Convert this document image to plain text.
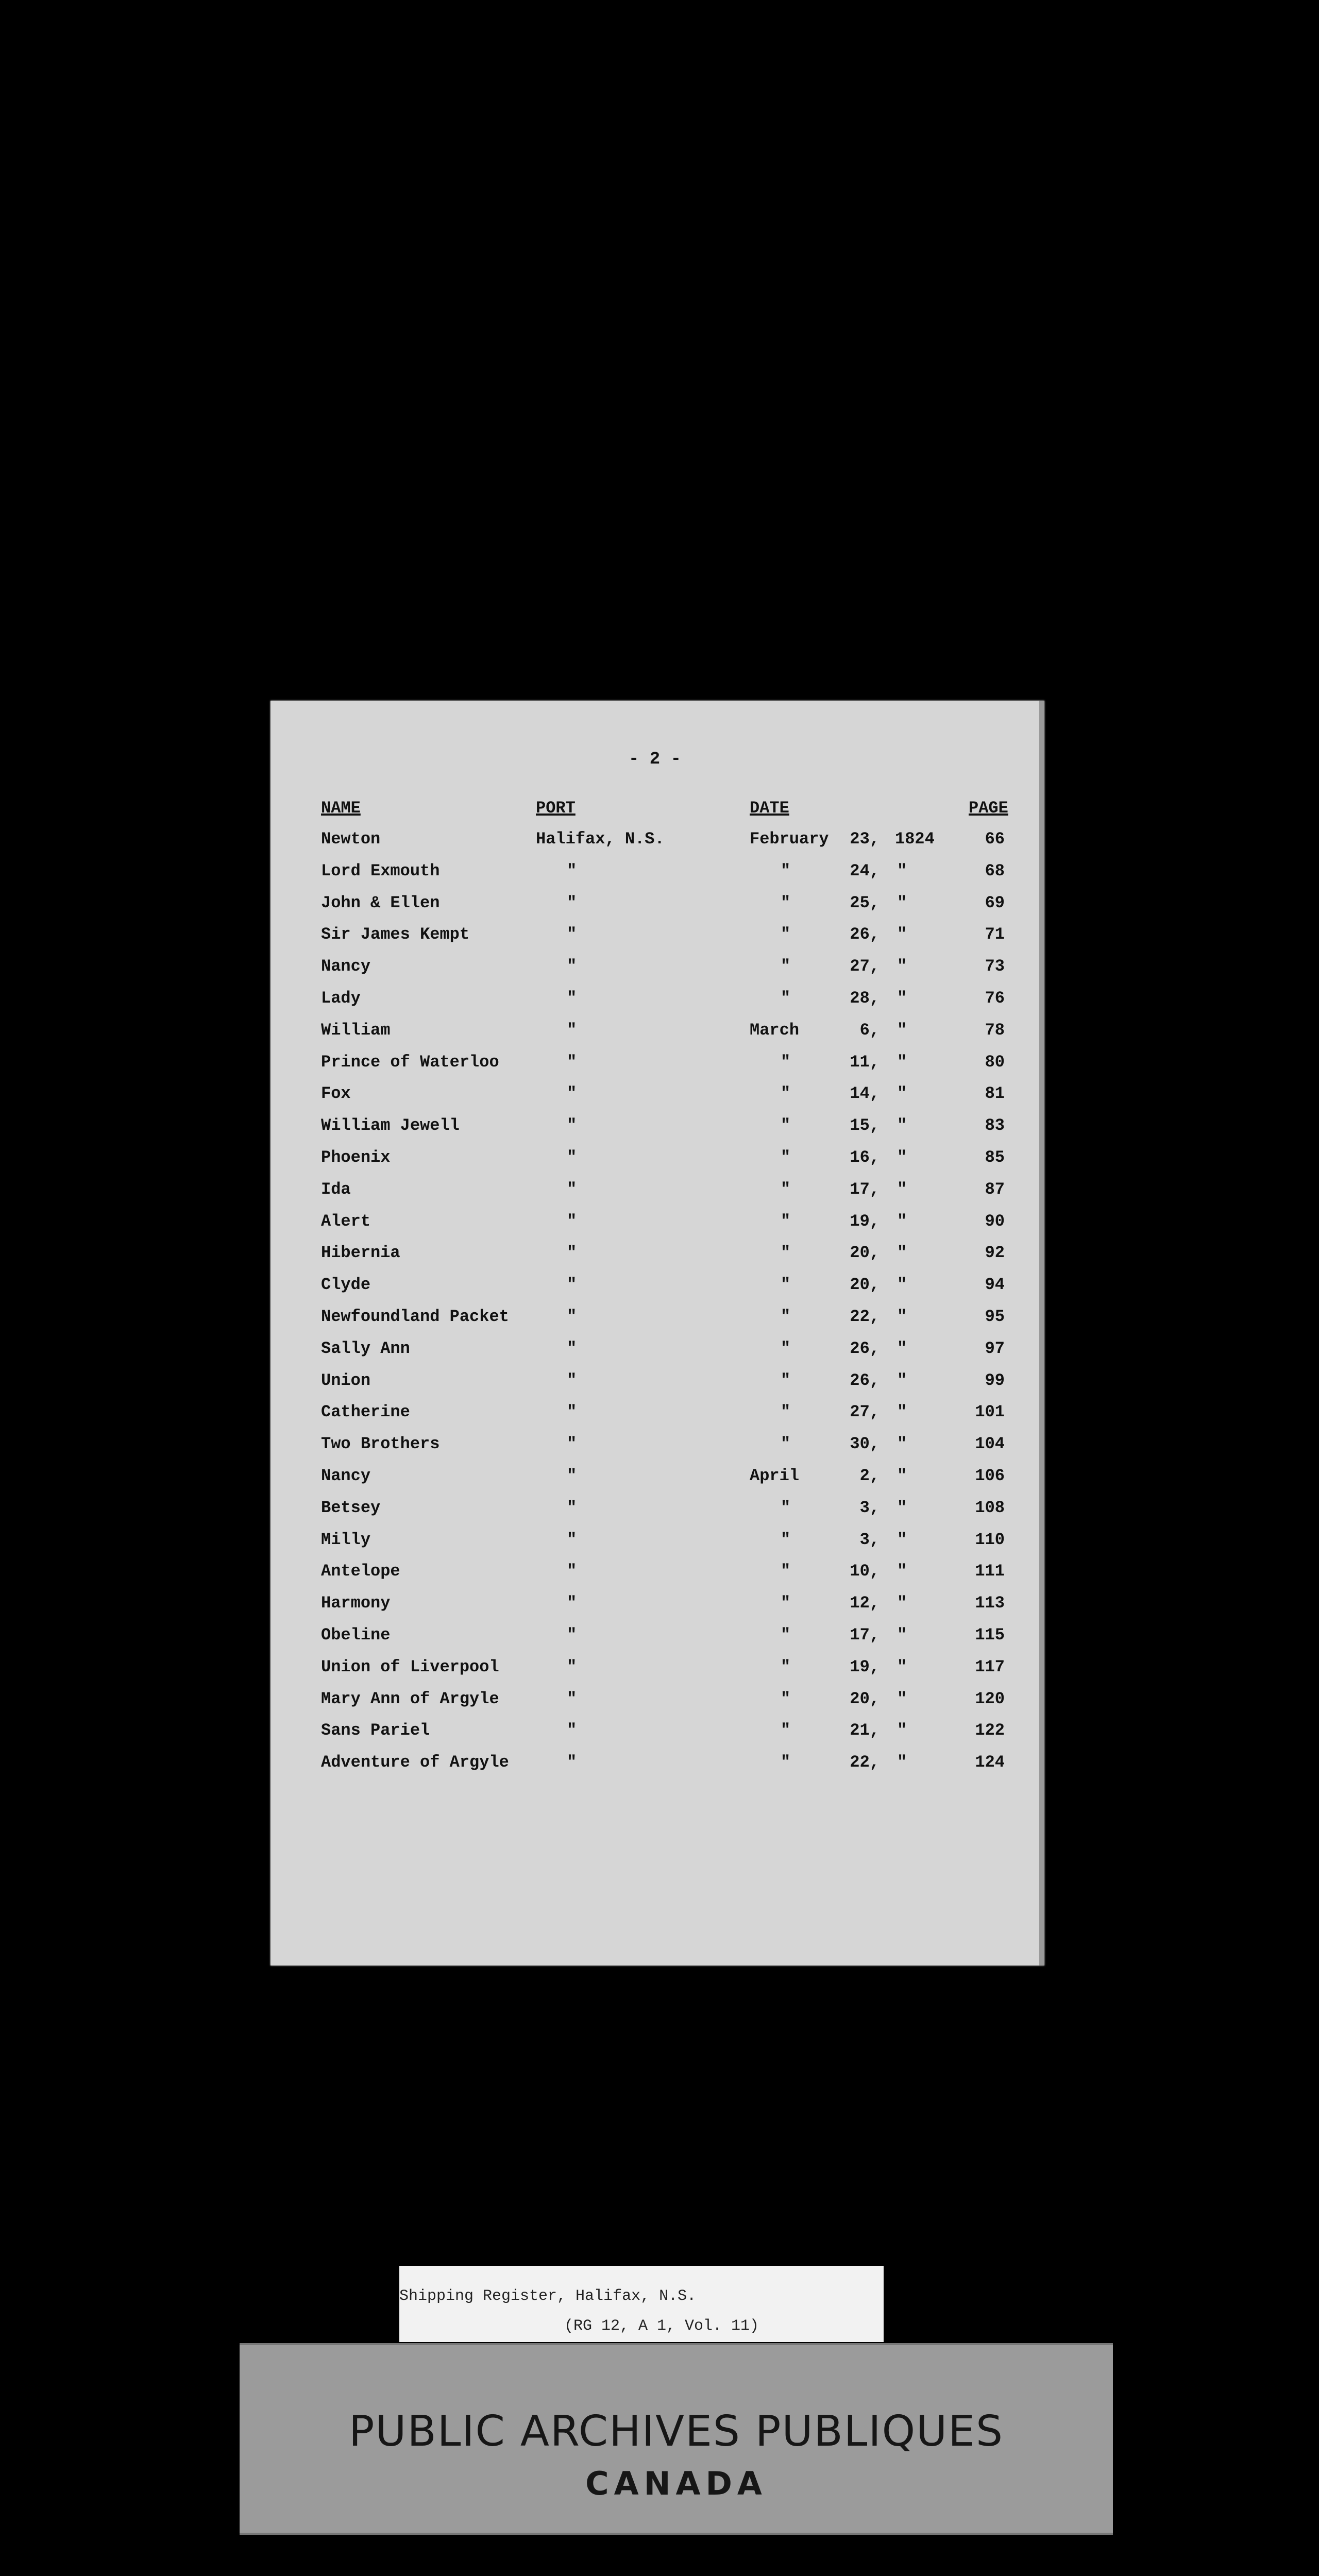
- 2 -
NAME	PORT	DATE	PAGE
Newton	Halifax, N.S.	February	23, 1824	66
Lord Exmouth	"	"	24, "	68
John & Ellen	"	"	25, "	69
Sir James Kempt	"	"	26, "	71
Nancy	"	"	27, "	73
Lady	"	"	28, "	76
William	"	March	6, "	78
Prince of Waterloo	"	"	11, "	80
Fox	"	"	14, "	81
William Jewell	"	"	15, "	83
Phoenix	"	"	16, "	85
Ida	"	"	17, "	87
Alert	"	"	19, "	90
Hibernia	"	"	20, "	92
Clyde	"	"	20, "	94
Newfoundland Packet	"	"	22, "	95
Sally Ann	"	"	26, "	97
Union	"	"	26, "	99
Catherine	"	"	27, "	101
Two Brothers	"	"	30, "	104
Nancy	"	April	2, "	106
Betsey	"	"	3, "	108
Milly	"	"	3, "	110
Antelope	"	"	10, "	111
Harmony	"	"	12, "	113
Obeline	"	"	17, "	115
Union of Liverpool	"	"	19, "	117
Mary Ann of Argyle	"	"	20, "	120
Sans Pariel	"	"	21, "	122
Adventure of Argyle	"	"	22, "	124
Shipping Register, Halifax, N.S.
(RG 12, A 1, Vol. 11)
PUBLIC ARCHIVES PUBLIQUES
CANADA
